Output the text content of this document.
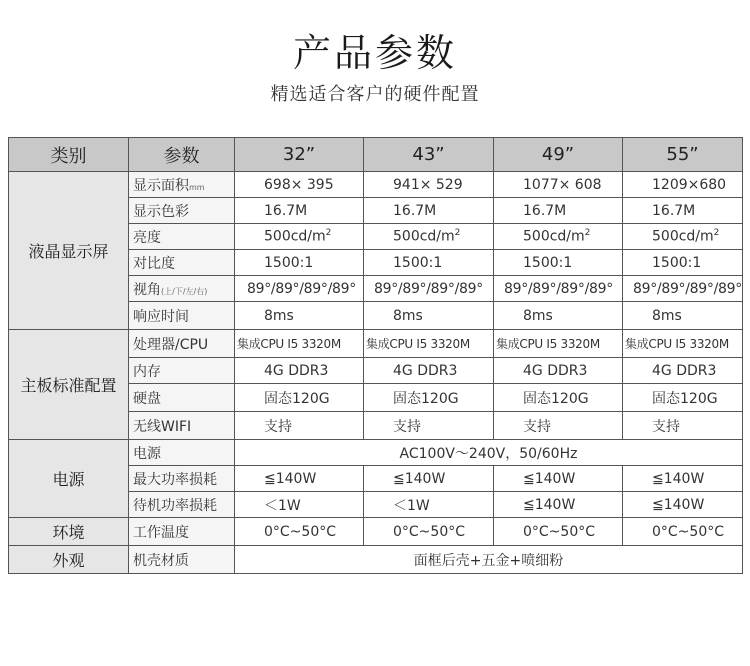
产品参数
精选适合客户的硬件配置
类别	参数	32”	43”	49”	55”
液晶显示屏	显示面积mm	698× 395	941× 529	1077× 608	1209×680
	显示色彩	16.7M	16.7M	16.7M	16.7M
	亮度	$500cd/m^2$	$500cd/m^2$	$500cd/m^2$	$500cd/m^2$
	对比度	1500:1	1500:1	1500:1	1500:1
	视角(上/下/左/右)	89°/89°/89°/89°	89°/89°/89°/89°	89°/89°/89°/89°	89°/89°/89°/89°
	响应时间	8ms	8ms	8ms	8ms
主板标准配置	处理器/CPU	集成CPU I5 3320M	集成CPU I5 3320M	集成CPU I5 3320M	集成CPU I5 3320M
	内存	4G DDR3	4G DDR3	4G DDR3	4G DDR3
	硬盘	固态120G	固态120G	固态120G	固态120G
	无线WIFI	支持	支持	支持	支持
电源	电源	AC100V～240V，50/60Hz			
	最大功率损耗	≦140W	≦140W	≦140W	≦140W
	待机功率损耗	＜1W	＜1W	≦140W	≦140W
环境	工作温度	0°C~50°C	0°C~50°C	0°C~50°C	0°C~50°C
外观	机壳材质	面框后壳+五金+喷细粉			
